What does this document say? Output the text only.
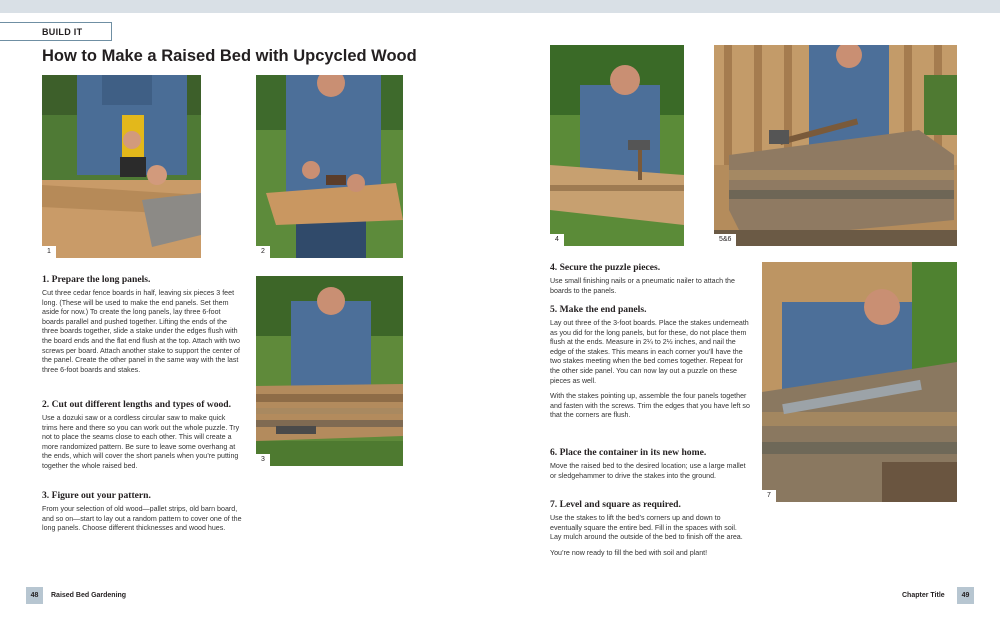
BUILD IT
How to Make a Raised Bed with Upcycled Wood
1	2
3
4	5&6
7
1. Prepare the long panels.

Cut three cedar fence boards in half, leaving six pieces 3 feet long. (These will be used to make the end panels. Set them aside for now.) To create the long panels, lay three 6-foot boards parallel and pushed together. Lifting the ends of the three boards together, slide a stake under the edges flush with the board ends and the flat end flush at the top. Attach with two screws per board. Attach another stake to support the center of the panel. Create the other panel in the same way with the last three 6-foot boards and stakes.

2. Cut out different lengths and types of wood.

Use a dozuki saw or a cordless circular saw to make quick trims here and there so you can work out the whole puzzle. Try not to place the seams close to each other. This will create a more randomized pattern. Be sure to leave some overhang at the ends, which will cover the short panels when you’re putting together the whole raised bed.

3. Figure out your pattern.

From your selection of old wood—pallet strips, old barn board, and so on—start to lay out a random pattern to cover one of the long panels. Choose different thicknesses and wood hues.

4. Secure the puzzle pieces.

Use small finishing nails or a pneumatic nailer to attach the boards to the panels.

5. Make the end panels.

Lay out three of the 3-foot boards. Place the stakes underneath as you did for the long panels, but for these, do not place them flush at the ends. Measure in 2¼ to 2½ inches, and nail the edge of the stakes. This means in each corner you’ll have the two stakes meeting when the bed comes together. Repeat for the other side panel. You can now lay out a puzzle on these pieces as well.

With the stakes pointing up, assemble the four panels together and fasten with the screws. Trim the edges that you have left so that the corners are flush.

6. Place the container in its new home.

Move the raised bed to the desired location; use a large mallet or sledgehammer to drive the stakes into the ground.

7. Level and square as required.

Use the stakes to lift the bed’s corners up and down to eventually square the entire bed. Fill in the spaces with soil. Lay mulch around the outside of the bed to finish off the area.

You’re now ready to fill the bed with soil and plant!

48	Raised Bed Gardening	Chapter Title	49
